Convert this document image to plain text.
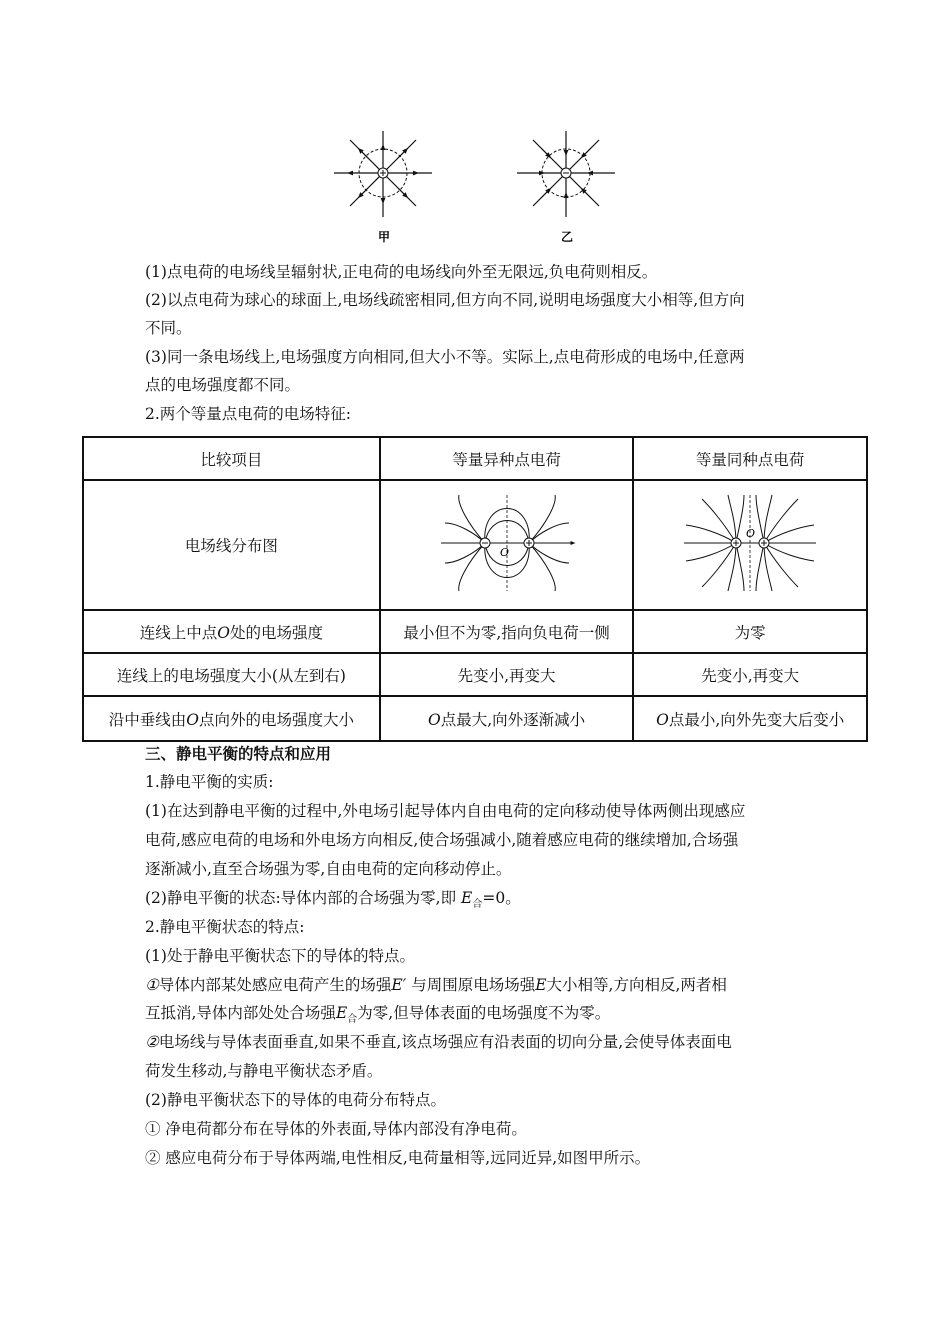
甲	乙
(1)点电荷的电场线呈辐射状,正电荷的电场线向外至无限远,负电荷则相反。
(2)以点电荷为球心的球面上,电场线疏密相同,但方向不同,说明电场强度大小相等,但方向
不同。
(3)同一条电场线上,电场强度方向相同,但大小不等。实际上,点电荷形成的电场中,任意两
点的电场强度都不同。
2.两个等量点电荷的电场特征:
比较项目	等量异种点电荷	等量同种点电荷
电场线分布图	O	O

连线上中点O处的电场强度	最小但不为零,指向负电荷一侧	为零
连线上的电场强度大小(从左到右)	先变小,再变大	先变小,再变大
沿中垂线由O点向外的电场强度大小	O点最大,向外逐渐减小	O点最小,向外先变大后变小
三、静电平衡的特点和应用
1.静电平衡的实质:
(1)在达到静电平衡的过程中,外电场引起导体内自由电荷的定向移动使导体两侧出现感应
电荷,感应电荷的电场和外电场方向相反,使合场强减小,随着感应电荷的继续增加,合场强
逐渐减小,直至合场强为零,自由电荷的定向移动停止。
(2)静电平衡的状态:导体内部的合场强为零,即 $E_合=0$。
2.静电平衡状态的特点:
(1)处于静电平衡状态下的导体的特点。
①导体内部某处感应电荷产生的场强E′ 与周围原电场场强E大小相等,方向相反,两者相
互抵消,导体内部处处合场强$E_合$为零,但导体表面的电场强度不为零。
②电场线与导体表面垂直,如果不垂直,该点场强应有沿表面的切向分量,会使导体表面电
荷发生移动,与静电平衡状态矛盾。
(2)静电平衡状态下的导体的电荷分布特点。
① 净电荷都分布在导体的外表面,导体内部没有净电荷。
② 感应电荷分布于导体两端,电性相反,电荷量相等,远同近异,如图甲所示。
